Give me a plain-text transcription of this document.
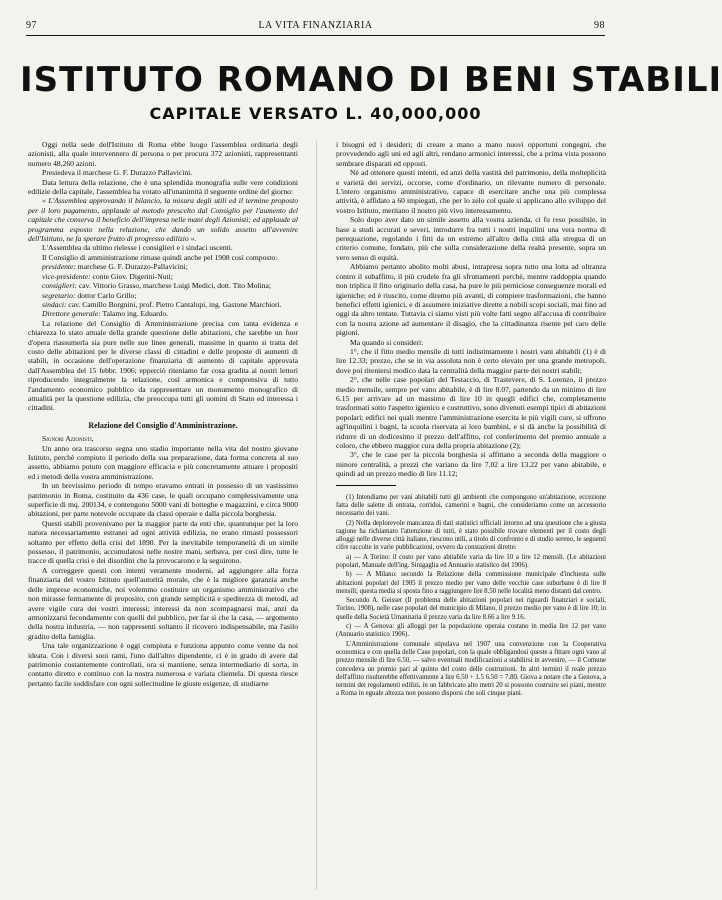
97	LA VITA FINANZIARIA	98
ISTITUTO ROMANO DI BENI STABILI
CAPITALE VERSATO L. 40,000,000

Oggi nella sede dell'Istituto di Roma ebbe luogo l'assemblea ordinaria degli azionisti, alla quale intervennero di persona o per procura 372 azionisti, rappresentanti numero 48,260 azioni.

Presiedeva il marchese G. F. Durazzo Pallavicini.

Data lettura della relazione, che è una splendida monografia sulle vere condizioni edilizie della capitale, l'assemblea ha votato all'unanimità il seguente ordine del giorno:

« L'Assemblea approvando il bilancio, la misura degli utili ed il termine proposto per il loro pagamento, applaude al metodo prescelto dal Consiglio per l'aumento del capitale che conserva il beneficio dell'impresa nelle mani degli Azionisti; ed applaude al programma esposto nella relazione, che dando un solido assetto all'avvenire dell'Istituto, ne fa sperare frutto di progresso edilizio ».

L'Assemblea da ultimo rielesse i consiglieri e i sindaci uscenti.

Il Consiglio di amministrazione rimase quindi anche pel 1908 così composto:

presidente: marchese G. F. Durazzo-Pallavicini;

vice-presidente: conte Giov. Digerini-Nuti;

consiglieri: cav. Vittorio Grasso, marchese Luigi Medici, dott. Tito Molina;

segretario: dottor Carlo Grillo;

sindaci: cav. Camillo Borgnini, prof. Pietro Cantalupi, ing. Gastone Marchiori.

Direttore generale: Talamo ing. Eduardo.

La relazione del Consiglio di Amministrazione precisa con tanta evidenza e chiarezza lo stato attuale della grande questione delle abitazioni, che sarebbe un fuor d'opera riassumerla sia pure nelle sue linee generali, massime in quanto si tratta del costo delle abitazioni per le diverse classi di cittadini e delle proposte di aumenti di stabili, in occasione dell'operazione finanziaria di aumento di capitale approvata dall'Assemblea del 15 febbr. 1906; epperciò riteniamo far cosa gradita ai nostri lettori riproducendo integralmente la relazione, così armonica e comprensiva di tutto l'andamento economico pubblico da rappresentare un monumento monografico di attualità per la questione edilizia, che preoccupa tutti gli uomini di Stato ed interessa i cittadini.

Relazione del Consiglio d'Amministrazione.

Signori Azionisti,

Un anno ora trascorso segna uno stadio importante nella vita del nostro giovane Istituto, perchè compiuto il periodo della sua preparazione, data forma concreta al suo assetto, abbiamo potuto con maggiore efficacia e più concretamente attuare i propositi ed i metodi della vostra amministrazione.

In un brevissimo periodo di tempo eravamo entrati in possesso di un vastissimo patrimonio in Roma, costituito da 436 case, le quali occupano complessivamente una superficie di mq. 200134, e contengono 5000 vani di botteghe e magazzini, e circa 9000 abitazioni, per parte notevole occupate da classi operaie e dalla piccola borghesia.

Questi stabili provenivano per la maggior parte da enti che, quantunque per la loro natura necessariamente estranei ad ogni attività edilizia, ne erano rimasti possessori soltanto per effetto della crisi del 1890. Per la inevitabile temporaneità di un simile possesso, il patrimonio, accumulatosi nelle nostre mani, serbava, per così dire, tutte le tracce di quella crisi e dei disordini che la provocarono e la seguirono.

A correggere questi con intenti veramente moderni, ad aggiungere alla forza finanziaria del vostro Istituto quell'autorità morale, che è la migliore garanzia anche delle imprese economiche, noi volemmo costituire un organismo amministrativo che non mirasse fermamente di proposito, con grande semplicità e speditezza di metodi, ad avere vigile cura dei vostri interessi; interessi da non scompagnarsi mai, anzi da armonizzarsi fecondamente con quelli del pubblico, per far sì che la casa, — argomento della nostra industria, — non rappresenti soltanto il ricovero indispensabile, ma l'asilo gradito della famiglia.

Una tale organizzazione è oggi compiuta e funziona appunto come venne da noi ideata. Con i diversi suoi rami, l'uno dall'altro dipendente, ci è in grado di avere dal patrimonio costantemente controllati, ora si mantiene, senza intermediario di sorta, in contatto diretto e continuo con la nostra numerosa e variata clientela. Di questa riesce pertanto facile soddisfare con ogni sollecitudine le giuste esigenze, di studiarne

i bisogni ed i desideri; di creare a mano a mano nuovi opportuni congegni, che provvedendo agli uni ed agli altri, rendano armonici interessi, che a prima vista possono sembrare disparati ed opposti.

Nè ad ottenere questi intenti, ed anzi della vastità del patrimonio, della molteplicità e varietà dei servizi, occorse, come d'ordinario, un rilevante numero di personale. L'intero organismo amministrativo, capace di esercitare anche una più complessa attività, è affidato a 60 impiegati, che per lo zelo col quale si applicano allo sviluppo del vostro Istituto, meritano il nostro più vivo interessamento.

Solo dopo aver dato un simile assetto alla vostra azienda, ci fu reso possibile, in base a studi accurati e severi, introdurre fra tutti i nostri inquilini una vera norma di perequazione, regolando i fitti da un estremo all'altro della città alla stregua di un criterio comune, fondato, più che sulla considerazione della realtà presente, sopra un vero senso di equità.

Abbiamo pertanto abolito molti abusi, intrapresa sopra tutto una lotta ad oltranza contro il subaffitto, il più crudele fra gli sfruttamenti perchè, mentre raddoppia quando non triplica il fitto originario della casa, ha pure le più perniciose conseguenze morali ed igieniche; ed è riuscito, come diremo più avanti, di compiere trasformazioni, che hanno benefici effetti igienici, e di assumere iniziative dirette a nobili scopi sociali, mai fino ad oggi da altro tentate. Tuttavia ci siamo visti più volte fatti segno all'accusa di contribuire con la nostra azione ad aumentare il disagio, che la cittadinanza risente pel caro delle pigioni.

Ma quando si consideri:

1°, che il fitto medio mensile di tutti indistintamente i nostri vani abitabili (1) è di lire 12.33; prezzo, che se in via assoluta non è certo elevato per una grande metropoli, dove poi riteniersi modico data la centralità della maggior parte dei nostri stabili;

2°, che nelle case popolari del Testaccio, di Trastevere, di S. Lorenzo, il prezzo medio mensile, sempre per vano abitabile, è di lire 8.07, partendo da un minimo di lire 6.15 per arrivare ad un massimo di lire 10 in quegli edifici che, completamente trasformati sotto l'aspetto igienico e costruttivo, sono divenuti esempi tipici di abitazioni popolari; edifici nei quali mentre l'amministrazione esercita le più vigili cure, si offrono agl'inquilini i bagni, la scuola riservata ai loro bambini, e si dà anche la possibilità di ridurre di un dodicesimo il prezzo dell'affitto, col conferimento del premio annuale a coloro, che ebbero maggior cura della propria abitazione (2);

3°, che le case per la piccola borghesia si affittano a seconda della maggiore o minore centralità, a prezzi che variano da lire 7.02 a lire 13.22 per vano abitabile, e quindi ad un prezzo medio di lire 11.12;

(1) Intendiamo per vani abitabili tutti gli ambienti che compongono un'abitazione, eccezione fatta delle salette di entrata, corridoi, camerini e bagni, che consideriamo come un accessorio necessario dei vani.

(2) Nella deplorevole mancanza di dati statistici ufficiali intorno ad una questione che a giusta ragione ha richiamato l'attenzione di tutti, è stato possibile trovare elementi per il costo degli alloggi nelle diverse città italiane, riescono utili, a titolo di confronto e di studio sereno, le seguenti cifre raccolte in varie pubblicazioni, ovvero da constazioni dirette:

a) — A Torino: il costo per vano abitabile varia da lire 10 a lire 12 mensili. (Le abitazioni popolari, Manuale dell'ing. Sinigaglia ed Annuario statistico del 1906).

b) — A Milano: secondo la Relazione della commissione municipale d'inchiesta sulle abitazioni popolari del 1905 il prezzo medio per vano delle vecchie case suburbane è di lire 8 mensili; questa media si sposta fino a raggiungere lire 8.50 nelle località meno distanti dal centro.

Secondo A. Geisser (Il problema delle abitazioni popolari nei riguardi finanziari e sociali, Torino, 1908), nelle case popolari del municipio di Milano, il prezzo medio per vano è di lire 10; in quelle della Società Umanitaria il prezzo varia da lire 8.66 a lire 9.16.

c) — A Genova: gli alloggi per la popolazione operaia costano in media lire 12 per vano (Annuario statistico 1906).

L'Amministrazione comunale stipulava nel 1907 una convenzione con la Cooperativa economica e con quella delle Case popolari, con la quale obbligandosi queste a fittare ogni vano al prezzo mensile di lire 6.50, — salvo eventuali modificazioni a stabilirsi in avvenire, — il Comune concedeva un premio pari al quinto del costo delle costruzioni. In altri termini il reale prezzo dell'affitto risulterebbe effettivamente a lire 6.50 + 1.5 6.50 = 7.80. Giova a notare che a Genova, a termini dei regolamenti edilizi, in un fabbricato alto metri 20 si possono costruire sei piani, mentre a Roma in eguale altezza non possono disporsi che soli cinque piani.
